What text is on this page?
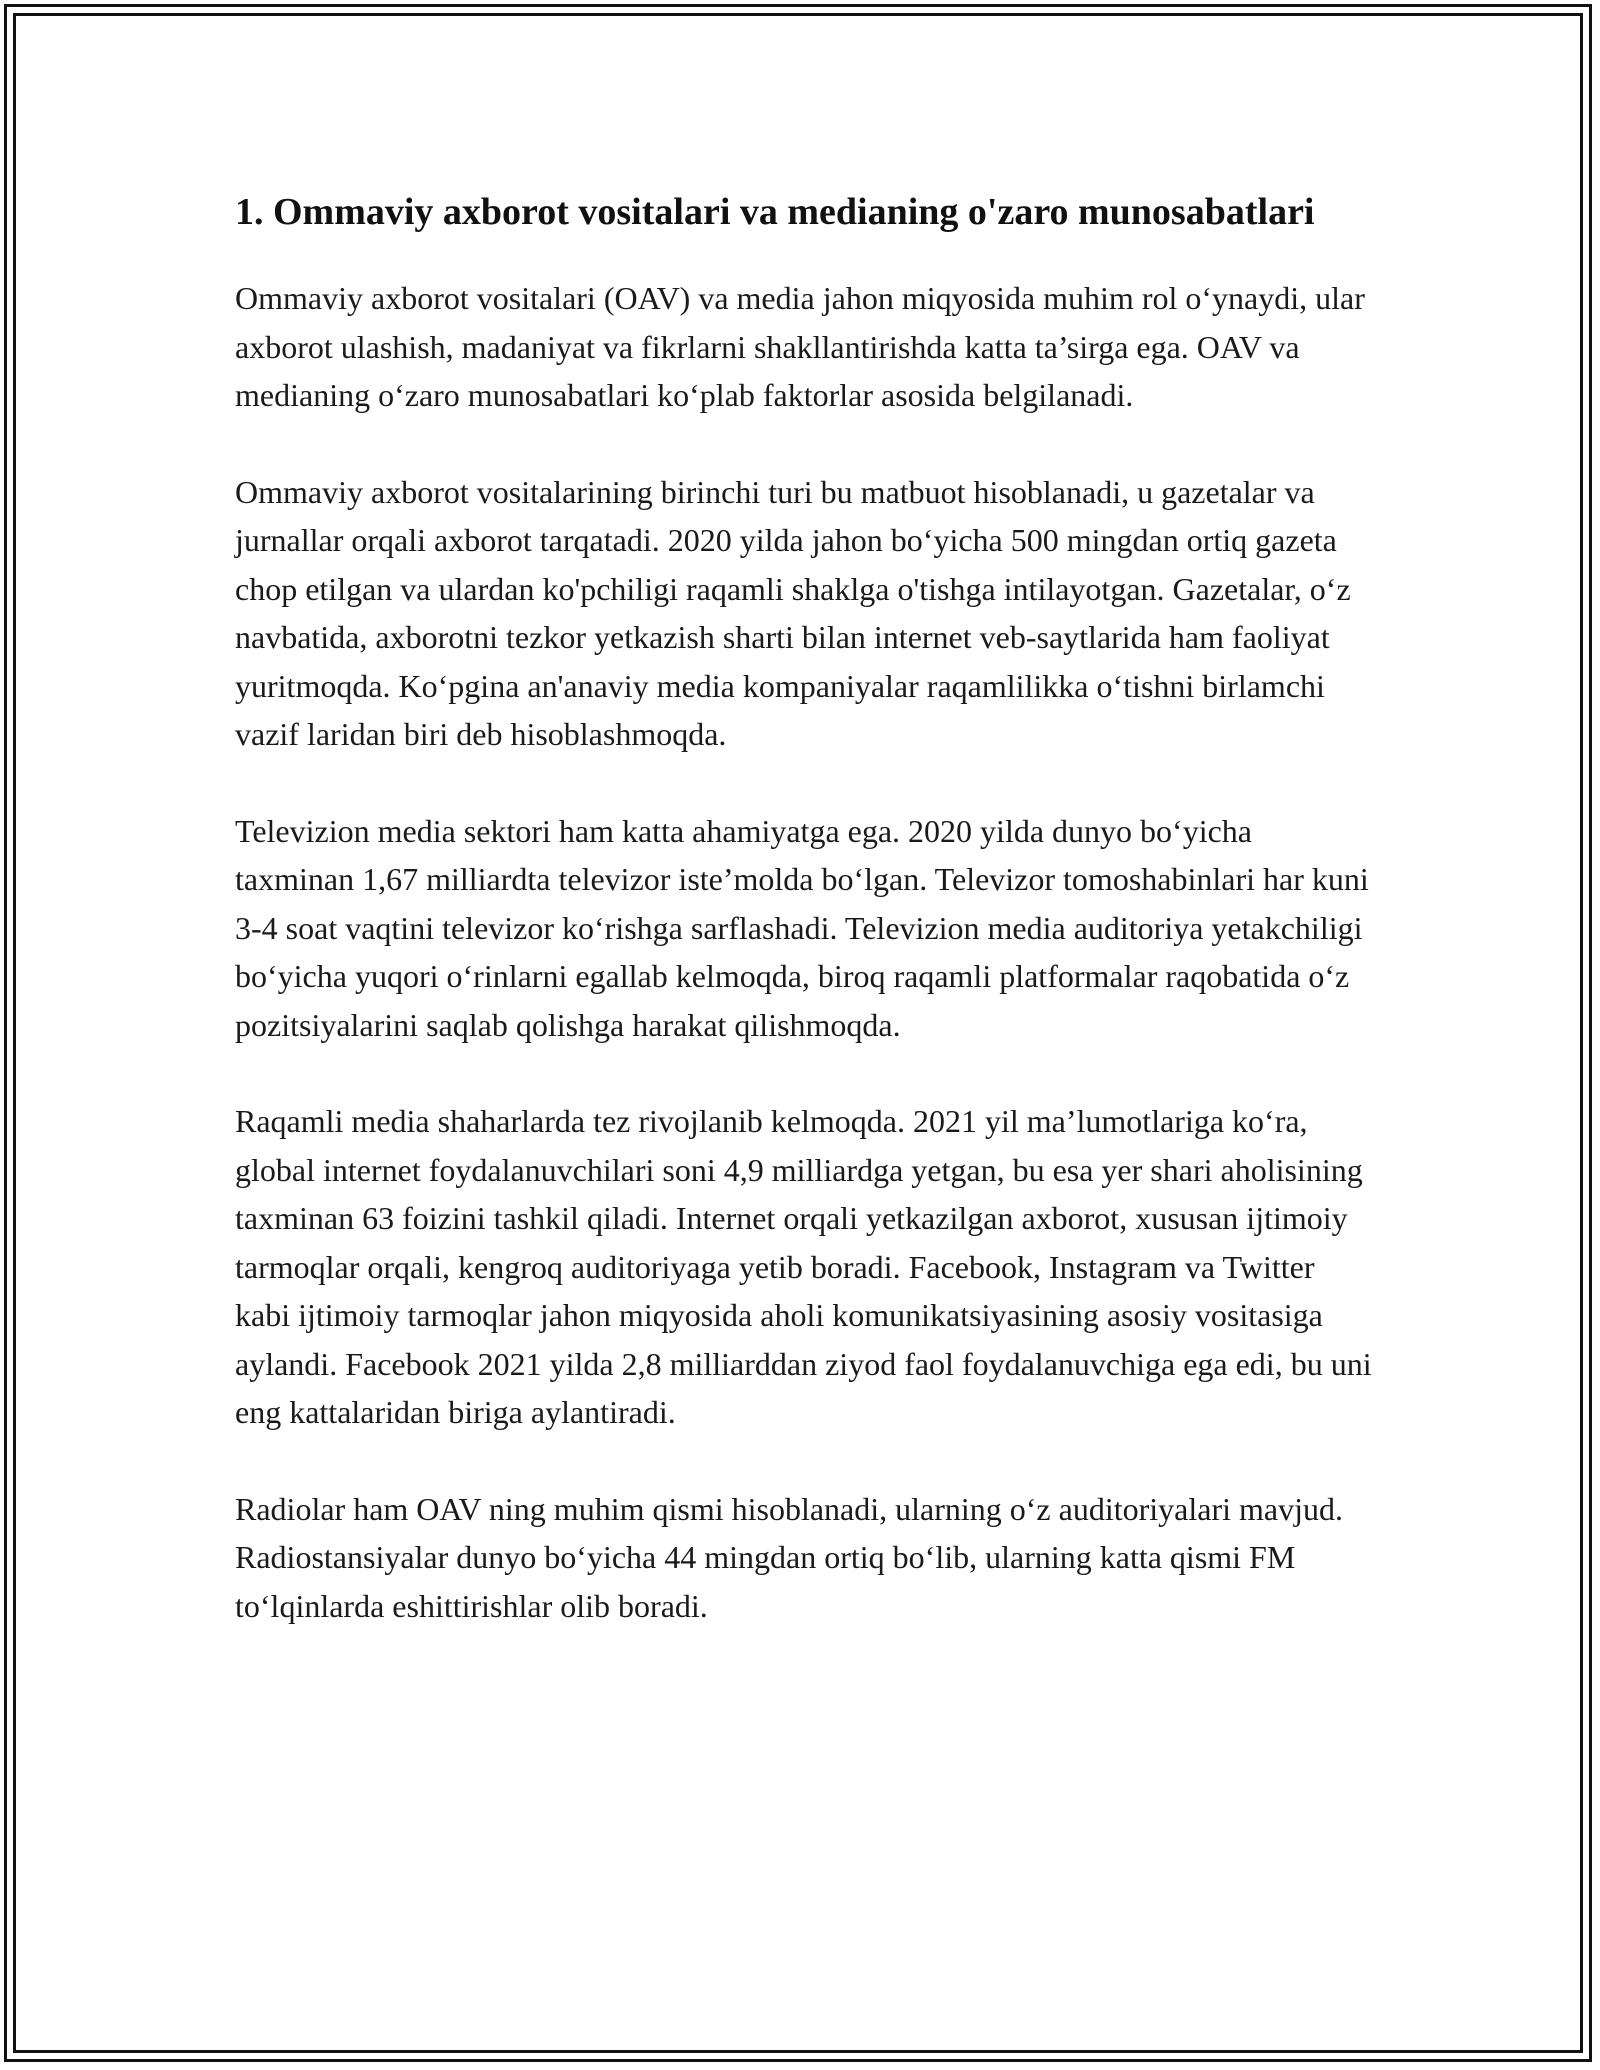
1. Ommaviy axborot vositalari va medianing o'zaro munosabatlari

Ommaviy axborot vositalari (OAV) va media jahon miqyosida muhim rol o‘ynaydi, ular axborot ulashish, madaniyat va fikrlarni shakllantirishda katta ta’sirga ega. OAV va medianing o‘zaro munosabatlari ko‘plab faktorlar asosida belgilanadi.

Ommaviy axborot vositalarining birinchi turi bu matbuot hisoblanadi, u gazetalar va jurnallar orqali axborot tarqatadi. 2020 yilda jahon bo‘yicha 500 mingdan ortiq gazeta chop etilgan va ulardan ko'pchiligi raqamli shaklga o'tishga intilayotgan. Gazetalar, o‘z navbatida, axborotni tezkor yetkazish sharti bilan internet veb-saytlarida ham faoliyat yuritmoqda. Ko‘pgina an'anaviy media kompaniyalar raqamlilikka o‘tishni birlamchi vazif laridan biri deb hisoblashmoqda.

Televizion media sektori ham katta ahamiyatga ega. 2020 yilda dunyo bo‘yicha taxminan 1,67 milliardta televizor iste’molda bo‘lgan. Televizor tomoshabinlari har kuni 3-4 soat vaqtini televizor ko‘rishga sarflashadi. Televizion media auditoriya yetakchiligi bo‘yicha yuqori o‘rinlarni egallab kelmoqda, biroq raqamli platformalar raqobatida o‘z pozitsiyalarini saqlab qolishga harakat qilishmoqda.

Raqamli media shaharlarda tez rivojlanib kelmoqda. 2021 yil ma’lumotlariga ko‘ra, global internet foydalanuvchilari soni 4,9 milliardga yetgan, bu esa yer shari aholisining taxminan 63 foizini tashkil qiladi. Internet orqali yetkazilgan axborot, xususan ijtimoiy tarmoqlar orqali, kengroq auditoriyaga yetib boradi. Facebook, Instagram va Twitter kabi ijtimoiy tarmoqlar jahon miqyosida aholi komunikatsiyasining asosiy vositasiga aylandi. Facebook 2021 yilda 2,8 milliarddan ziyod faol foydalanuvchiga ega edi, bu uni eng kattalaridan biriga aylantiradi.

Radiolar ham OAV ning muhim qismi hisoblanadi, ularning o‘z auditoriyalari mavjud. Radiostansiyalar dunyo bo‘yicha 44 mingdan ortiq bo‘lib, ularning katta qismi FM to‘lqinlarda eshittirishlar olib boradi.
